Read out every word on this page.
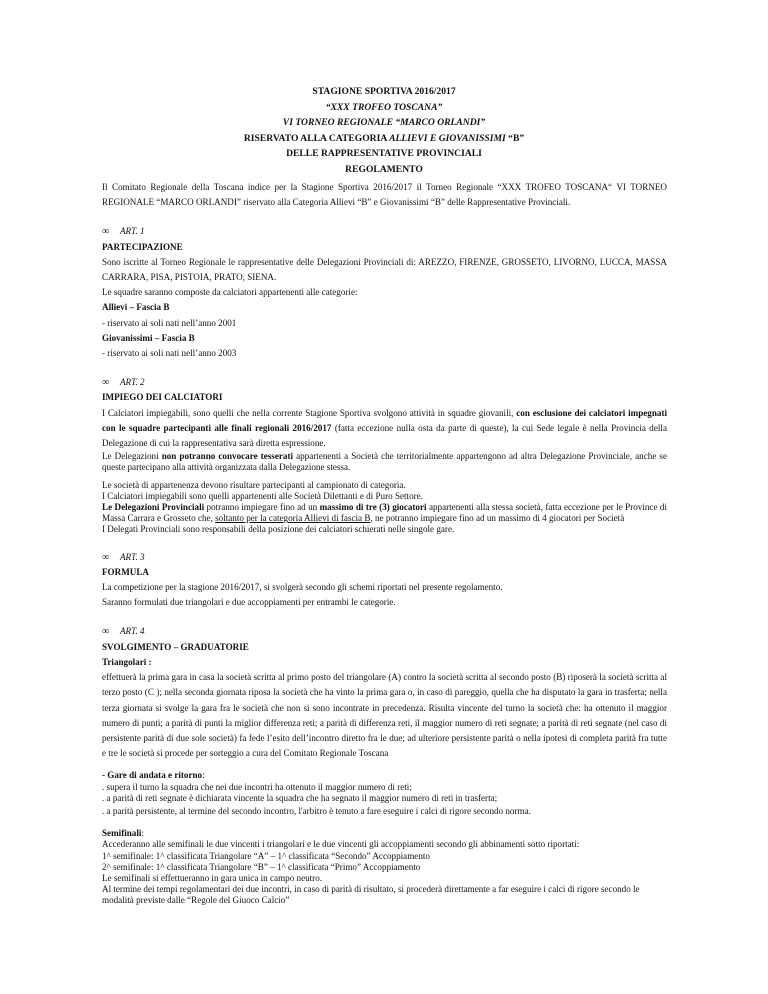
STAGIONE SPORTIVA 2016/2017
“XXX TROFEO TOSCANA”
VI TORNEO REGIONALE “MARCO ORLANDI”
RISERVATO ALLA CATEGORIA ALLIEVI E GIOVANISSIMI “B”
DELLE RAPPRESENTATIVE PROVINCIALI
REGOLAMENTO

Il Comitato Regionale della Toscana indice per la Stagione Sportiva 2016/2017 il Torneo Regionale “XXX TROFEO TOSCANA“ VI TORNEO REGIONALE “MARCO ORLANDI” riservato alla Categoria Allievi “B” e Giovanissimi “B” delle Rappresentative Provinciali.

∞	ART. 1

PARTECIPAZIONE

Sono iscritte al Torneo Regionale le rappresentative delle Delegazioni Provinciali di: AREZZO, FIRENZE, GROSSETO, LIVORNO, LUCCA, MASSA CARRARA, PISA, PISTOIA, PRATO, SIENA.

Le squadre saranno composte da calciatori appartenenti alle categorie:

Allievi – Fascia B

- riservato ai soli nati nell’anno 2001

Giovanissimi – Fascia B

- riservato ai soli nati nell’anno 2003

∞	ART. 2

IMPIEGO DEI CALCIATORI

I Calciatori impiegabili, sono quelli che nella corrente Stagione Sportiva svolgono attività in squadre giovanili, con esclusione dei calciatori impegnati con le squadre partecipanti alle finali regionali 2016/2017 (fatta eccezione nulla osta da parte di queste), la cui Sede legale è nella Provincia della Delegazione di cui la rappresentativa sarà diretta espressione.

Le Delegazioni non potranno convocare tesserati appartenenti a Società che territorialmente appartengono ad altra Delegazione Provinciale, anche se queste partecipano alla attività organizzata dalla Delegazione stessa.

Le società di appartenenza devono risultare partecipanti al campionato di categoria.

I Calciatori impiegabili sono quelli appartenenti alle Società Dilettanti e di Puro Settore.

Le Delegazioni Provinciali potranno impiegare fino ad un massimo di tre (3) giocatori appartenenti alla stessa società, fatta eccezione per le Province di Massa Carrara e Grosseto che, soltanto per la categoria Allievi di fascia B, ne potranno impiegare fino ad un massimo di 4 giocatori per Società

I Delegati Provinciali sono responsabili della posizione dei calciatori schierati nelle singole gare.

∞	ART. 3

FORMULA

La competizione per la stagione 2016/2017, si svolgerà secondo gli schemi riportati nel presente regolamento.

Saranno formulati due triangolari e due accoppiamenti per entrambi le categorie.

∞	ART. 4

SVOLGIMENTO – GRADUATORIE

Triangolari :

effettuerà la prima gara in casa la società scritta al primo posto del triangolare (A) contro la società scritta al secondo posto (B) riposerà la società scritta al terzo posto (C ); nella seconda giornata riposa la società che ha vinto la prima gara o, in caso di pareggio, quella che ha disputato la gara in trasferta; nella terza giornata si svolge la gara fra le società che non si sono incontrate in precedenza. Risulta vincente del turno la società che: ha ottenuto il maggior numero di punti; a parità di punti la miglior differenza reti; a parità di differenza reti, il maggior numero di reti segnate; a parità di reti segnate (nel caso di persistente parità di due sole società) fa fede l’esito dell’incontro diretto fra le due; ad ulteriore persistente parità o nella ipotesi di completa parità fra tutte e tre le società si procede per sorteggio a cura del Comitato Regionale Toscana

- Gare di andata e ritorno:

. supera il turno la squadra che nei due incontri ha ottenuto il maggior numero di reti;

. a parità di reti segnate è dichiarata vincente la squadra che ha segnato il maggior numero di reti in trasferta;

. a parità persistente, al termine del secondo incontro, l'arbitro è tenuto a fare eseguire i calci di rigore secondo norma.

Semifinali:

Accederanno alle semifinali le due vincenti i triangolari e le due vincenti gli accoppiamenti secondo gli abbinamenti sotto riportati:

1^ semifinale: 1^ classificata Triangolare “A” – 1^ classificata “Secondo” Accoppiamento

2^ semifinale: 1^ classificata Triangolare “B” – 1^ classificata “Primo” Accoppiamento

Le semifinali si effettueranno in gara unica in campo neutro.

Al termine dei tempi regolamentari dei due incontri, in caso di parità di risultato, si procederà direttamente a far eseguire i calci di rigore secondo le modalità previste dalle “Regole del Giuoco Calcio”
